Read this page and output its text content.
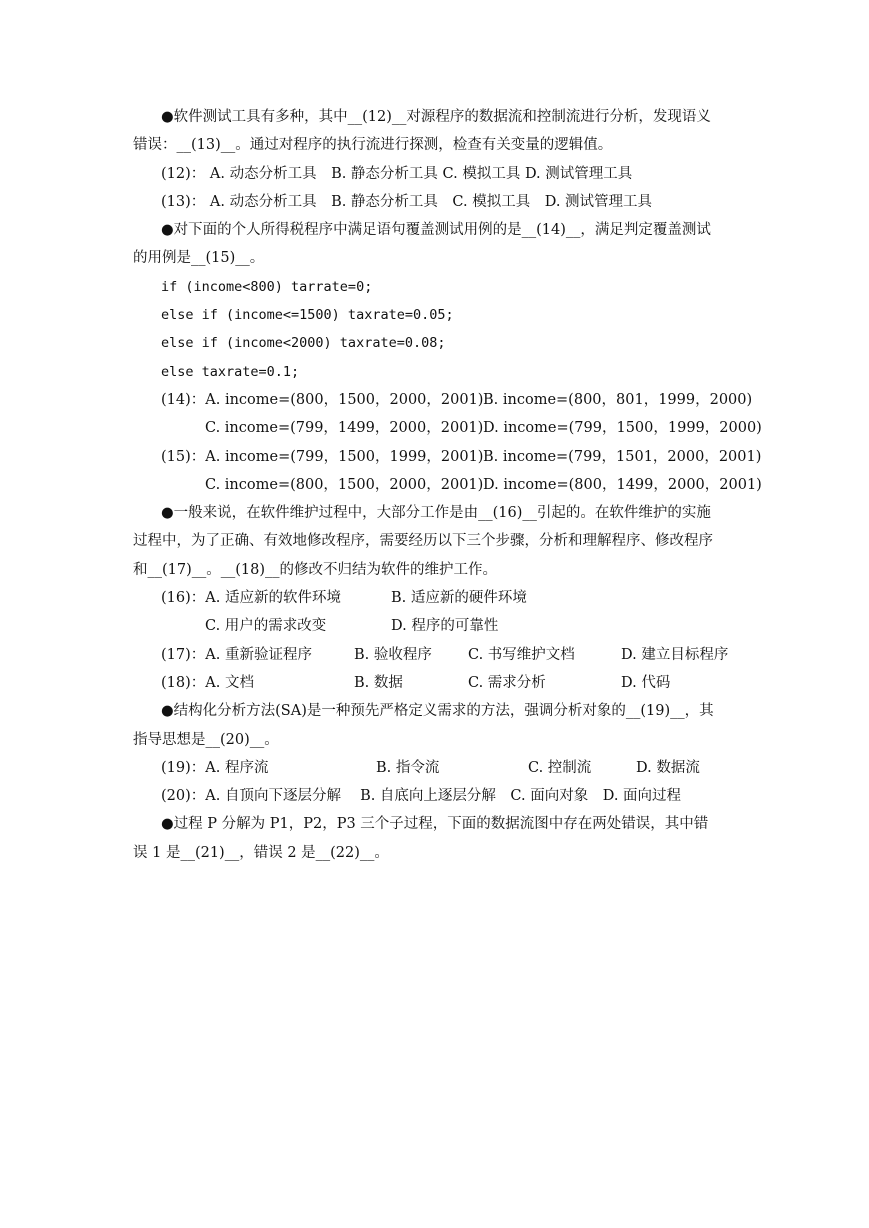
●软件测试工具有多种，其中__(12)__对源程序的数据流和控制流进行分析，发现语义
错误：__(13)__。通过对程序的执行流进行探测，检查有关变量的逻辑值。
(12)： A. 动态分析工具　B. 静态分析工具 C. 模拟工具 D. 测试管理工具
(13)： A. 动态分析工具　B. 静态分析工具　C. 模拟工具　D. 测试管理工具
●对下面的个人所得税程序中满足语句覆盖测试用例的是__(14)__，满足判定覆盖测试
的用例是__(15)__。
if (income<800) tarrate=0;
else if (income<=1500) taxrate=0.05;
else if (income<2000) taxrate=0.08;
else taxrate=0.1;
(14)：A. income=(800，1500，2000，2001) B. income=(800，801，1999，2000)
C. income=(799，1499，2000，2001) D. income=(799，1500，1999，2000)
(15)：A. income=(799，1500，1999，2001) B. income=(799，1501，2000，2001)
C. income=(800，1500，2000，2001) D. income=(800，1499，2000，2001)
●一般来说，在软件维护过程中，大部分工作是由__(16)__引起的。在软件维护的实施
过程中，为了正确、有效地修改程序，需要经历以下三个步骤，分析和理解程序、修改程序
和__(17)__。__(18)__的修改不归结为软件的维护工作。
(16)：A. 适应新的软件环境	B. 适应新的硬件环境
C. 用户的需求改变	D. 程序的可靠性
(17)：A. 重新验证程序	B. 验收程序	C. 书写维护文档	D. 建立目标程序
(18)：A. 文档	B. 数据	C. 需求分析	D. 代码
●结构化分析方法(SA)是一种预先严格定义需求的方法，强调分析对象的__(19)__，其
指导思想是__(20)__。
(19)：A. 程序流	B. 指令流	C. 控制流	D. 数据流
(20)：A. 自顶向下逐层分解　 B. 自底向上逐层分解　C. 面向对象　D. 面向过程
●过程 P 分解为 P1，P2，P3 三个子过程，下面的数据流图中存在两处错误，其中错
误 1 是__(21)__，错误 2 是__(22)__。
